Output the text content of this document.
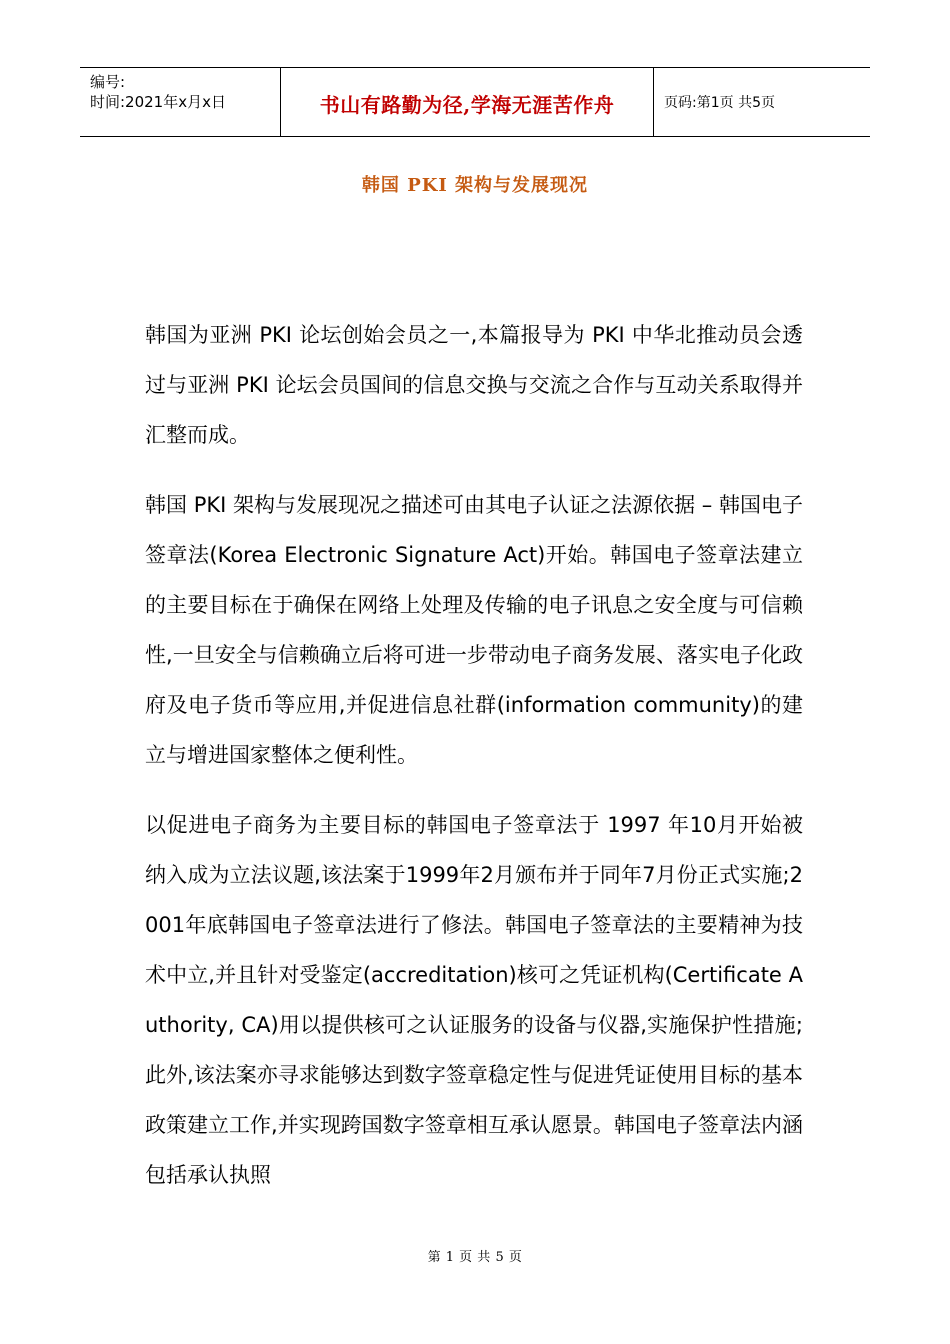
编号:
时间:2021年x月x日	书山有路勤为径,学海无涯苦作舟	页码:第1页 共5页
韩国 PKI 架构与发展现况

韩国为亚洲 PKI 论坛创始会员之一,本篇报导为 PKI 中华北推动员会透过与亚洲 PKI 论坛会员国间的信息交换与交流之合作与互动关系取得并汇整而成。

韩国 PKI 架构与发展现况之描述可由其电子认证之法源依据 – 韩国电子签章法(Korea Electronic Signature Act)开始。韩国电子签章法建立的主要目标在于确保在网络上处理及传输的电子讯息之安全度与可信赖性,一旦安全与信赖确立后将可进一步带动电子商务发展、落实电子化政府及电子货币等应用,并促进信息社群(information community)的建立与增进国家整体之便利性。

以促进电子商务为主要目标的韩国电子签章法于 1997 年10月开始被纳入成为立法议题,该法案于1999年2月颁布并于同年7月份正式实施;2001年底韩国电子签章法进行了修法。韩国电子签章法的主要精神为技术中立,并且针对受鉴定(accreditation)核可之凭证机构(Certificate Authority, CA)用以提供核可之认证服务的设备与仪器,实施保护性措施;此外,该法案亦寻求能够达到数字签章稳定性与促进凭证使用目标的基本政策建立工作,并实现跨国数字签章相互承认愿景。韩国电子签章法内涵包括承认执照

第 1 页 共 5 页
